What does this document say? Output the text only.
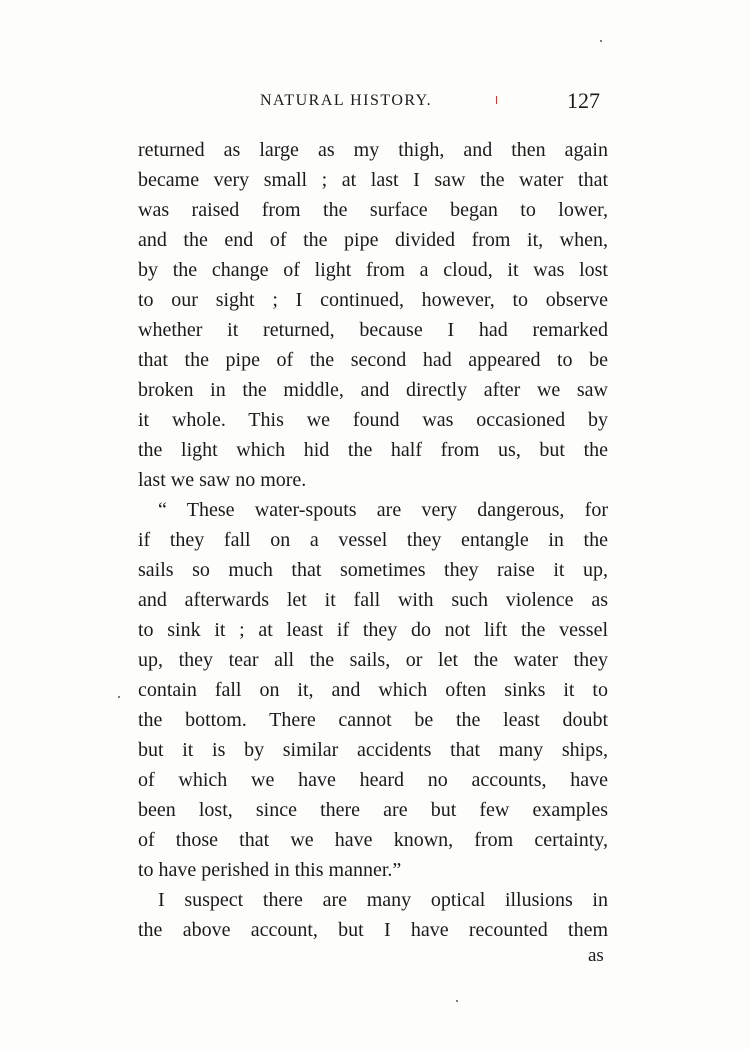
NATURAL HISTORY.	127
returned as large as my thigh, and then again
became very small ; at last I saw the water that
was raised from the surface began to lower,
and the end of the pipe divided from it, when,
by the change of light from a cloud, it was lost
to our sight ; I continued, however, to observe
whether it returned, because I had remarked
that the pipe of the second had appeared to be
broken in the middle, and directly after we saw
it whole. This we found was occasioned by
the light which hid the half from us, but the
last we saw no more.
“ These water-spouts are very dangerous, for
if they fall on a vessel they entangle in the
sails so much that sometimes they raise it up,
and afterwards let it fall with such violence as
to sink it ; at least if they do not lift the vessel
up, they tear all the sails, or let the water they
contain fall on it, and which often sinks it to
the bottom. There cannot be the least doubt
but it is by similar accidents that many ships,
of which we have heard no accounts, have
been lost, since there are but few examples
of those that we have known, from certainty,
to have perished in this manner.”
I suspect there are many optical illusions in
the above account, but I have recounted them
as
